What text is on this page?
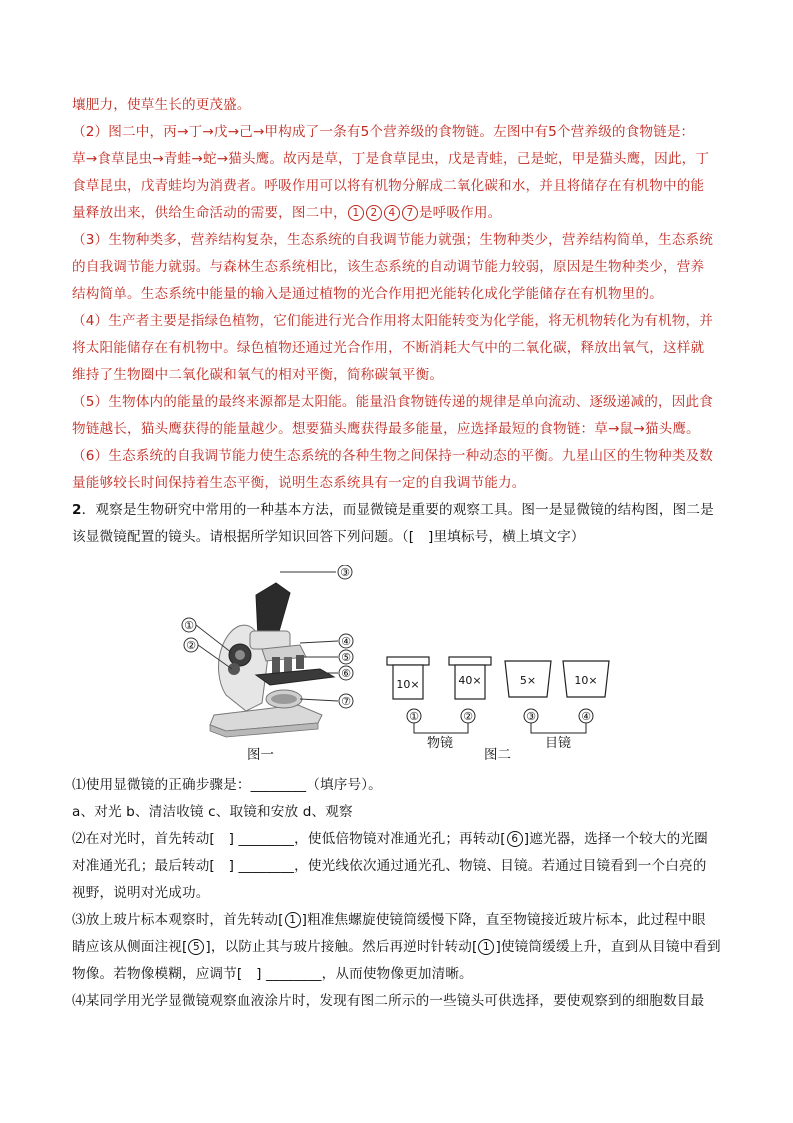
壤肥力，使草生长的更茂盛。
（2）图二中，丙→丁→戊→己→甲构成了一条有5个营养级的食物链。左图中有5个营养级的食物链是：
草→食草昆虫→青蛙→蛇→猫头鹰。故丙是草，丁是食草昆虫，戊是青蛙，己是蛇，甲是猫头鹰，因此，丁
食草昆虫，戊青蛙均为消费者。呼吸作用可以将有机物分解成二氧化碳和水，并且将储存在有机物中的能
量释放出来，供给生命活动的需要，图二中， 1 2 4 7 是呼吸作用。
（3）生物种类多，营养结构复杂，生态系统的自我调节能力就强；生物种类少，营养结构简单，生态系统
的自我调节能力就弱。与森林生态系统相比，该生态系统的自动调节能力较弱，原因是生物种类少，营养
结构简单。生态系统中能量的输入是通过植物的光合作用把光能转化成化学能储存在有机物里的。
（4）生产者主要是指绿色植物，它们能进行光合作用将太阳能转变为化学能，将无机物转化为有机物，并
将太阳能储存在有机物中。绿色植物还通过光合作用，不断消耗大气中的二氧化碳，释放出氧气，这样就
维持了生物圈中二氧化碳和氧气的相对平衡，简称碳氧平衡。
（5）生物体内的能量的最终来源都是太阳能。能量沿食物链传递的规律是单向流动、逐级递减的，因此食
物链越长，猫头鹰获得的能量越少。想要猫头鹰获得最多能量，应选择最短的食物链：草→鼠→猫头鹰。
（6）生态系统的自我调节能力使生态系统的各种生物之间保持一种动态的平衡。九星山区的生物种类及数
量能够较长时间保持着生态平衡，说明生态系统具有一定的自我调节能力。
2．观察是生物研究中常用的一种基本方法，而显微镜是重要的观察工具。图一是显微镜的结构图，图二是
该显微镜配置的镜头。请根据所学知识回答下列问题。（[　]里填标号，横上填文字）
①
②
③
④
⑤
⑥
⑦
10×	40×	5×	10×
①	②	③	④
物镜	目镜
图一	图二
⑴使用显微镜的正确步骤是：________（填序号）。
a、对光 b、清洁收镜 c、取镜和安放 d、观察
⑵在对光时，首先转动[　] ________，使低倍物镜对准通光孔；再转动[ 6 ]遮光器，选择一个较大的光圈
对准通光孔；最后转动[　] ________，使光线依次通过通光孔、物镜、目镜。若通过目镜看到一个白亮的
视野，说明对光成功。
⑶放上玻片标本观察时，首先转动[ 1 ]粗准焦螺旋使镜筒缓慢下降，直至物镜接近玻片标本，此过程中眼
睛应该从侧面注视[ 5 ]，以防止其与玻片接触。然后再逆时针转动[ 1 ]使镜筒缓缓上升，直到从目镜中看到
物像。若物像模糊，应调节[　] ________，从而使物像更加清晰。
⑷某同学用光学显微镜观察血液涂片时，发现有图二所示的一些镜头可供选择，要使观察到的细胞数目最
